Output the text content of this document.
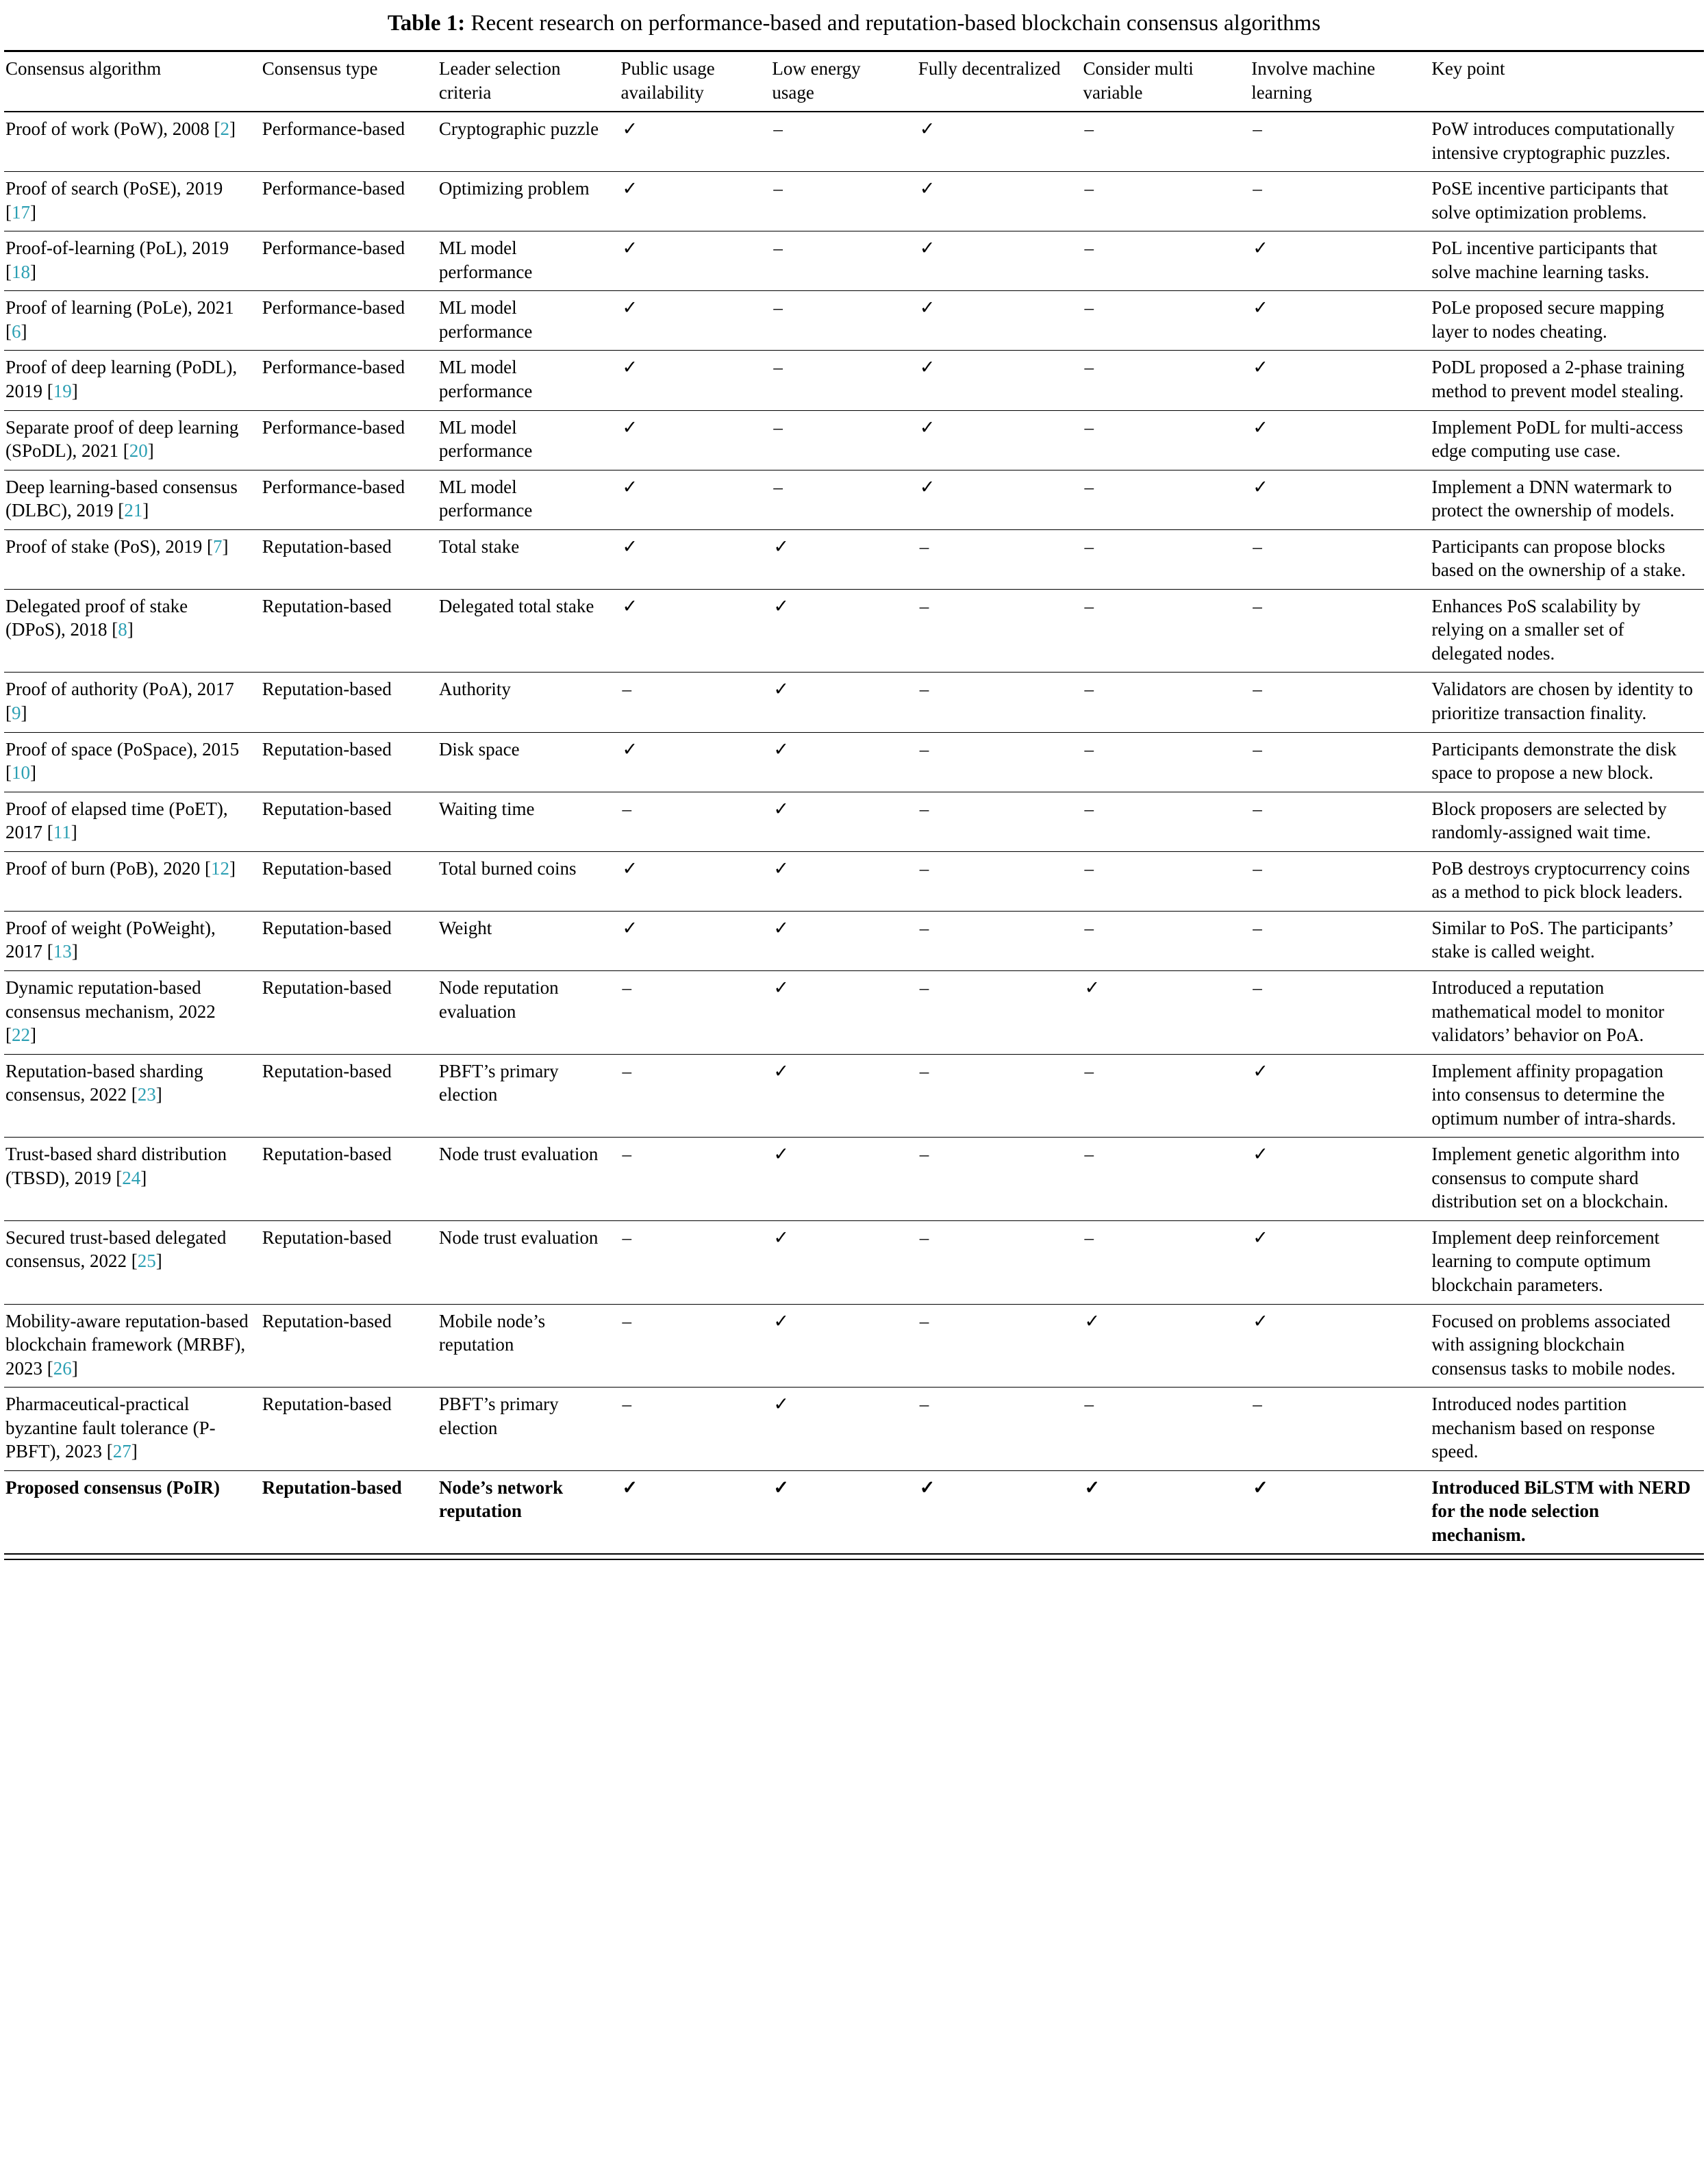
Table 1: Recent research on performance-based and reputation-based blockchain consensus algorithms
Consensus algorithm	Consensus type	Leader selection criteria	Public usage availability	Low energy usage	Fully decentralized	Consider multi variable	Involve machine learning	Key point
Proof of work (PoW), 2008 [2]	Performance-based	Cryptographic puzzle	✓	–	✓	–	–	PoW introduces computationally intensive cryptographic puzzles.
Proof of search (PoSE), 2019 [17]	Performance-based	Optimizing problem	✓	–	✓	–	–	PoSE incentive participants that solve optimization problems.
Proof-of-learning (PoL), 2019 [18]	Performance-based	ML model performance	✓	–	✓	–	✓	PoL incentive participants that solve machine learning tasks.
Proof of learning (PoLe), 2021 [6]	Performance-based	ML model performance	✓	–	✓	–	✓	PoLe proposed secure mapping layer to nodes cheating.
Proof of deep learning (PoDL), 2019 [19]	Performance-based	ML model performance	✓	–	✓	–	✓	PoDL proposed a 2-phase training method to prevent model stealing.
Separate proof of deep learning (SPoDL), 2021 [20]	Performance-based	ML model performance	✓	–	✓	–	✓	Implement PoDL for multi-access edge computing use case.
Deep learning-based consensus (DLBC), 2019 [21]	Performance-based	ML model performance	✓	–	✓	–	✓	Implement a DNN watermark to protect the ownership of models.
Proof of stake (PoS), 2019 [7]	Reputation-based	Total stake	✓	✓	–	–	–	Participants can propose blocks based on the ownership of a stake.
Delegated proof of stake (DPoS), 2018 [8]	Reputation-based	Delegated total stake	✓	✓	–	–	–	Enhances PoS scalability by relying on a smaller set of delegated nodes.
Proof of authority (PoA), 2017 [9]	Reputation-based	Authority	–	✓	–	–	–	Validators are chosen by identity to prioritize transaction finality.
Proof of space (PoSpace), 2015 [10]	Reputation-based	Disk space	✓	✓	–	–	–	Participants demonstrate the disk space to propose a new block.
Proof of elapsed time (PoET), 2017 [11]	Reputation-based	Waiting time	–	✓	–	–	–	Block proposers are selected by randomly-assigned wait time.
Proof of burn (PoB), 2020 [12]	Reputation-based	Total burned coins	✓	✓	–	–	–	PoB destroys cryptocurrency coins as a method to pick block leaders.
Proof of weight (PoWeight), 2017 [13]	Reputation-based	Weight	✓	✓	–	–	–	Similar to PoS. The participants’ stake is called weight.
Dynamic reputation-based consensus mechanism, 2022 [22]	Reputation-based	Node reputation evaluation	–	✓	–	✓	–	Introduced a reputation mathematical model to monitor validators’ behavior on PoA.
Reputation-based sharding consensus, 2022 [23]	Reputation-based	PBFT’s primary election	–	✓	–	–	✓	Implement affinity propagation into consensus to determine the optimum number of intra-shards.
Trust-based shard distribution (TBSD), 2019 [24]	Reputation-based	Node trust evaluation	–	✓	–	–	✓	Implement genetic algorithm into consensus to compute shard distribution set on a blockchain.
Secured trust-based delegated consensus, 2022 [25]	Reputation-based	Node trust evaluation	–	✓	–	–	✓	Implement deep reinforcement learning to compute optimum blockchain parameters.
Mobility-aware reputation-based blockchain framework (MRBF), 2023 [26]	Reputation-based	Mobile node’s reputation	–	✓	–	✓	✓	Focused on problems associated with assigning blockchain consensus tasks to mobile nodes.
Pharmaceutical-practical byzantine fault tolerance (P-PBFT), 2023 [27]	Reputation-based	PBFT’s primary election	–	✓	–	–	–	Introduced nodes partition mechanism based on response speed.
Proposed consensus (PoIR)	Reputation-based	Node’s network reputation	✓	✓	✓	✓	✓	Introduced BiLSTM with NERD for the node selection mechanism.
